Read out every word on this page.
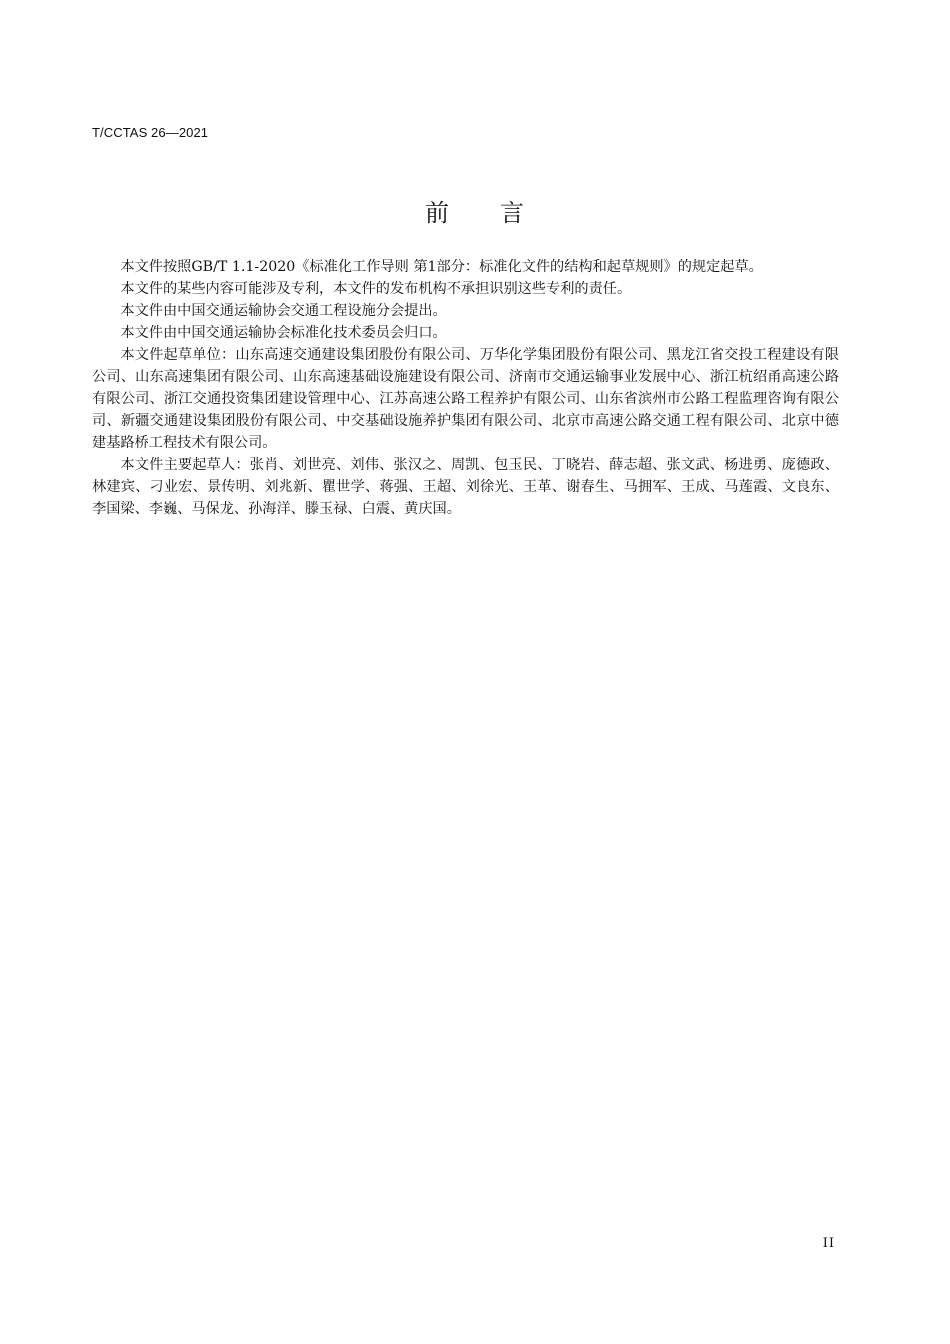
T/CCTAS 26—2021
前　　言

本文件按照GB/T 1.1-2020《标准化工作导则 第1部分：标准化文件的结构和起草规则》的规定起草。

本文件的某些内容可能涉及专利，本文件的发布机构不承担识别这些专利的责任。

本文件由中国交通运输协会交通工程设施分会提出。

本文件由中国交通运输协会标准化技术委员会归口。

本文件起草单位：山东高速交通建设集团股份有限公司、万华化学集团股份有限公司、黑龙江省交投工程建设有限公司、山东高速集团有限公司、山东高速基础设施建设有限公司、济南市交通运输事业发展中心、浙江杭绍甬高速公路有限公司、浙江交通投资集团建设管理中心、江苏高速公路工程养护有限公司、山东省滨州市公路工程监理咨询有限公司、新疆交通建设集团股份有限公司、中交基础设施养护集团有限公司、北京市高速公路交通工程有限公司、北京中德建基路桥工程技术有限公司。

本文件主要起草人：张肖、刘世亮、刘伟、张汉之、周凯、包玉民、丁晓岩、薛志超、张文武、杨进勇、庞德政、林建宾、刁业宏、景传明、刘兆新、瞿世学、蒋强、王超、刘徐光、王革、谢春生、马拥军、王成、马莲霞、文良东、李国梁、李巍、马保龙、孙海洋、滕玉禄、白震、黄庆国。

II
